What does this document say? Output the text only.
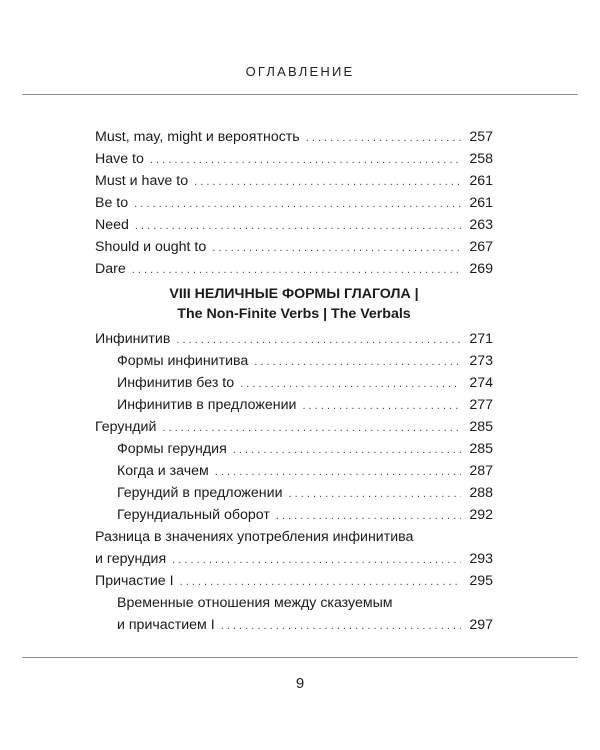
ОГЛАВЛЕНИЕ
Must, may, might и вероятность . . .	257
Have to . . .	258
Must и have to . . .	261
Be to . . .	261
Need . . .	263
Should и ought to . . .	267
Dare . . .	269
VIII НЕЛИЧНЫЕ ФОРМЫ ГЛАГОЛА |
The Non-Finite Verbs | The Verbals
Инфинитив . . .	271
Формы инфинитива . . .	273
Инфинитив без to . . .	274
Инфинитив в предложении . . .	277
Герундий . . .	285
Формы герундия . . .	285
Когда и зачем . . .	287
Герундий в предложении . . .	288
Герундиальный оборот . . .	292
Разница в значениях употребления инфинитива
и герундия . . .	293
Причастие I . . .	295
Временные отношения между сказуемым
и причастием I . . .	297
9
